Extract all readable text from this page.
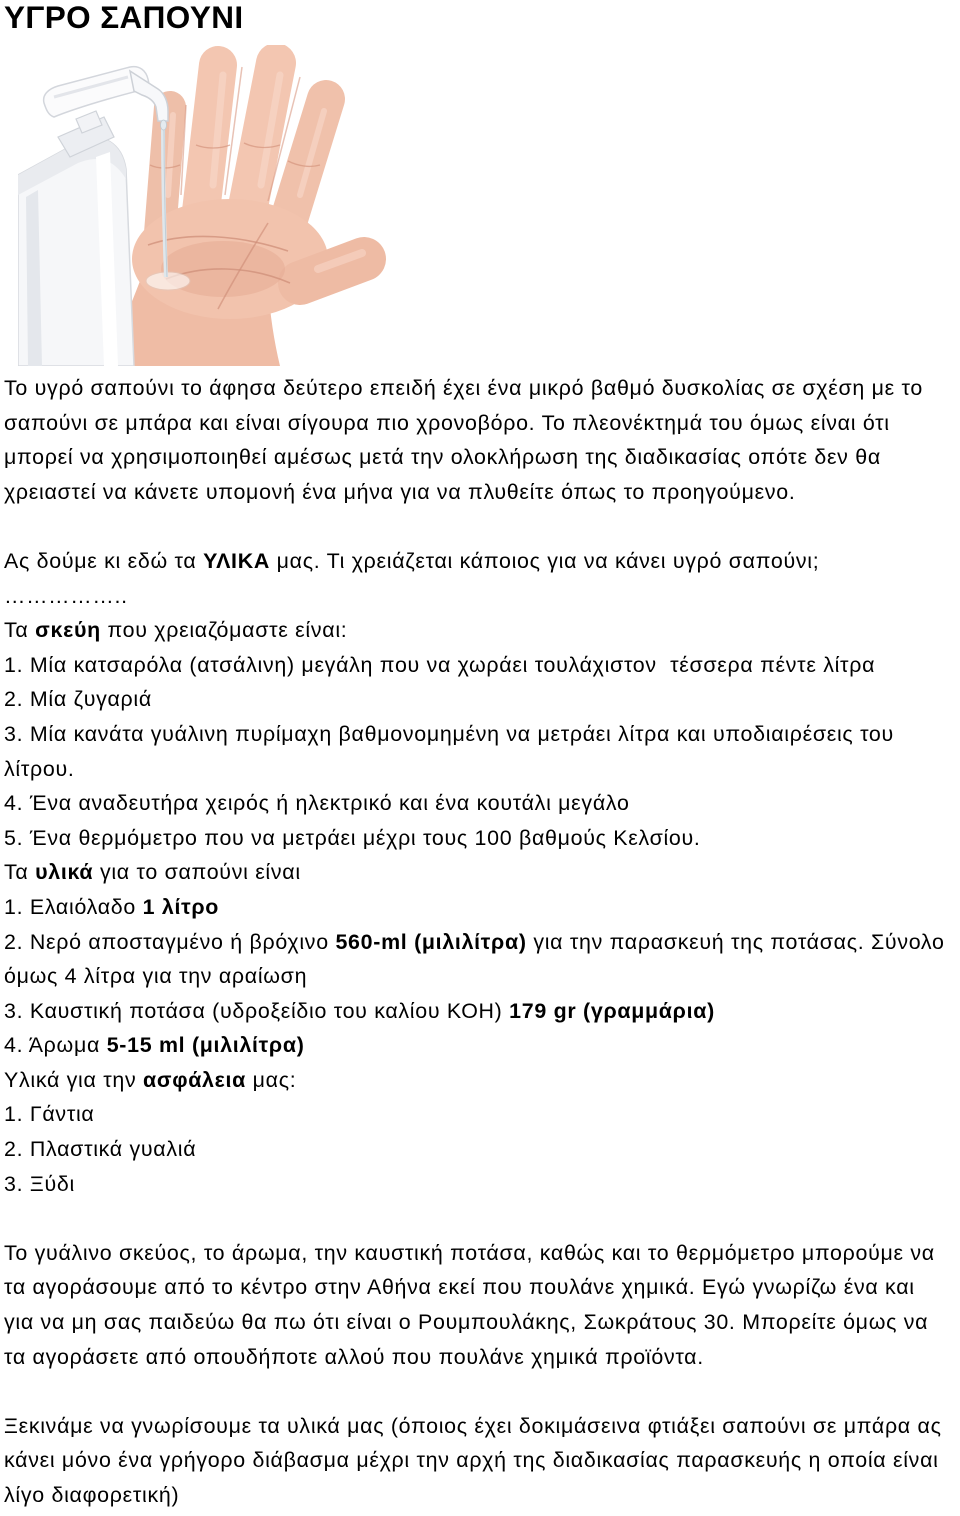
ΥΓΡΟ ΣΑΠΟΥΝΙ
Το υγρό σαπούνι το άφησα δεύτερο επειδή έχει ένα μικρό βαθμό δυσκολίας σε σχέση με το
σαπούνι σε μπάρα και είναι σίγουρα πιο χρονοβόρο. Το πλεονέκτημά του όμως είναι ότι
μπορεί να χρησιμοποιηθεί αμέσως μετά την ολοκλήρωση της διαδικασίας οπότε δεν θα
χρειαστεί να κάνετε υπομονή ένα μήνα για να πλυθείτε όπως το προηγούμενο.
Ας δούμε κι εδώ τα ΥΛΙΚΑ μας. Τι χρειάζεται κάποιος για να κάνει υγρό σαπούνι;
……………..
Τα σκεύη που χρειαζόμαστε είναι:
1. Μία κατσαρόλα (ατσάλινη) μεγάλη που να χωράει τουλάχιστον  τέσσερα πέντε λίτρα
2. Μία ζυγαριά
3. Μία κανάτα γυάλινη πυρίμαχη βαθμονομημένη να μετράει λίτρα και υποδιαιρέσεις του
λίτρου.
4. Ένα αναδευτήρα χειρός ή ηλεκτρικό και ένα κουτάλι μεγάλο
5. Ένα θερμόμετρο που να μετράει μέχρι τους 100 βαθμούς Κελσίου.
Τα υλικά για το σαπούνι είναι
1. Ελαιόλαδο 1 λίτρο
2. Νερό αποσταγμένο ή βρόχινο 560-ml (μιλιλίτρα) για την παρασκευή της ποτάσας. Σύνολο
όμως 4 λίτρα για την αραίωση
3. Καυστική ποτάσα (υδροξείδιο του καλίου ΚΟΗ) 179 gr (γραμμάρια)
4. Άρωμα 5-15 ml (μιλιλίτρα)
Υλικά για την ασφάλεια μας:
1. Γάντια
2. Πλαστικά γυαλιά
3. Ξύδι
Το γυάλινο σκεύος, το άρωμα, την καυστική ποτάσα, καθώς και το θερμόμετρο μπορούμε να
τα αγοράσουμε από το κέντρο στην Αθήνα εκεί που πουλάνε χημικά. Εγώ γνωρίζω ένα και
για να μη σας παιδεύω θα πω ότι είναι ο Ρουμπουλάκης, Σωκράτους 30. Μπορείτε όμως να
τα αγοράσετε από οπουδήποτε αλλού που πουλάνε χημικά προϊόντα.
Ξεκινάμε να γνωρίσουμε τα υλικά μας (όποιος έχει δοκιμάσεινα φτιάξει σαπούνι σε μπάρα ας
κάνει μόνο ένα γρήγορο διάβασμα μέχρι την αρχή της διαδικασίας παρασκευής η οποία είναι
λίγο διαφορετική)
